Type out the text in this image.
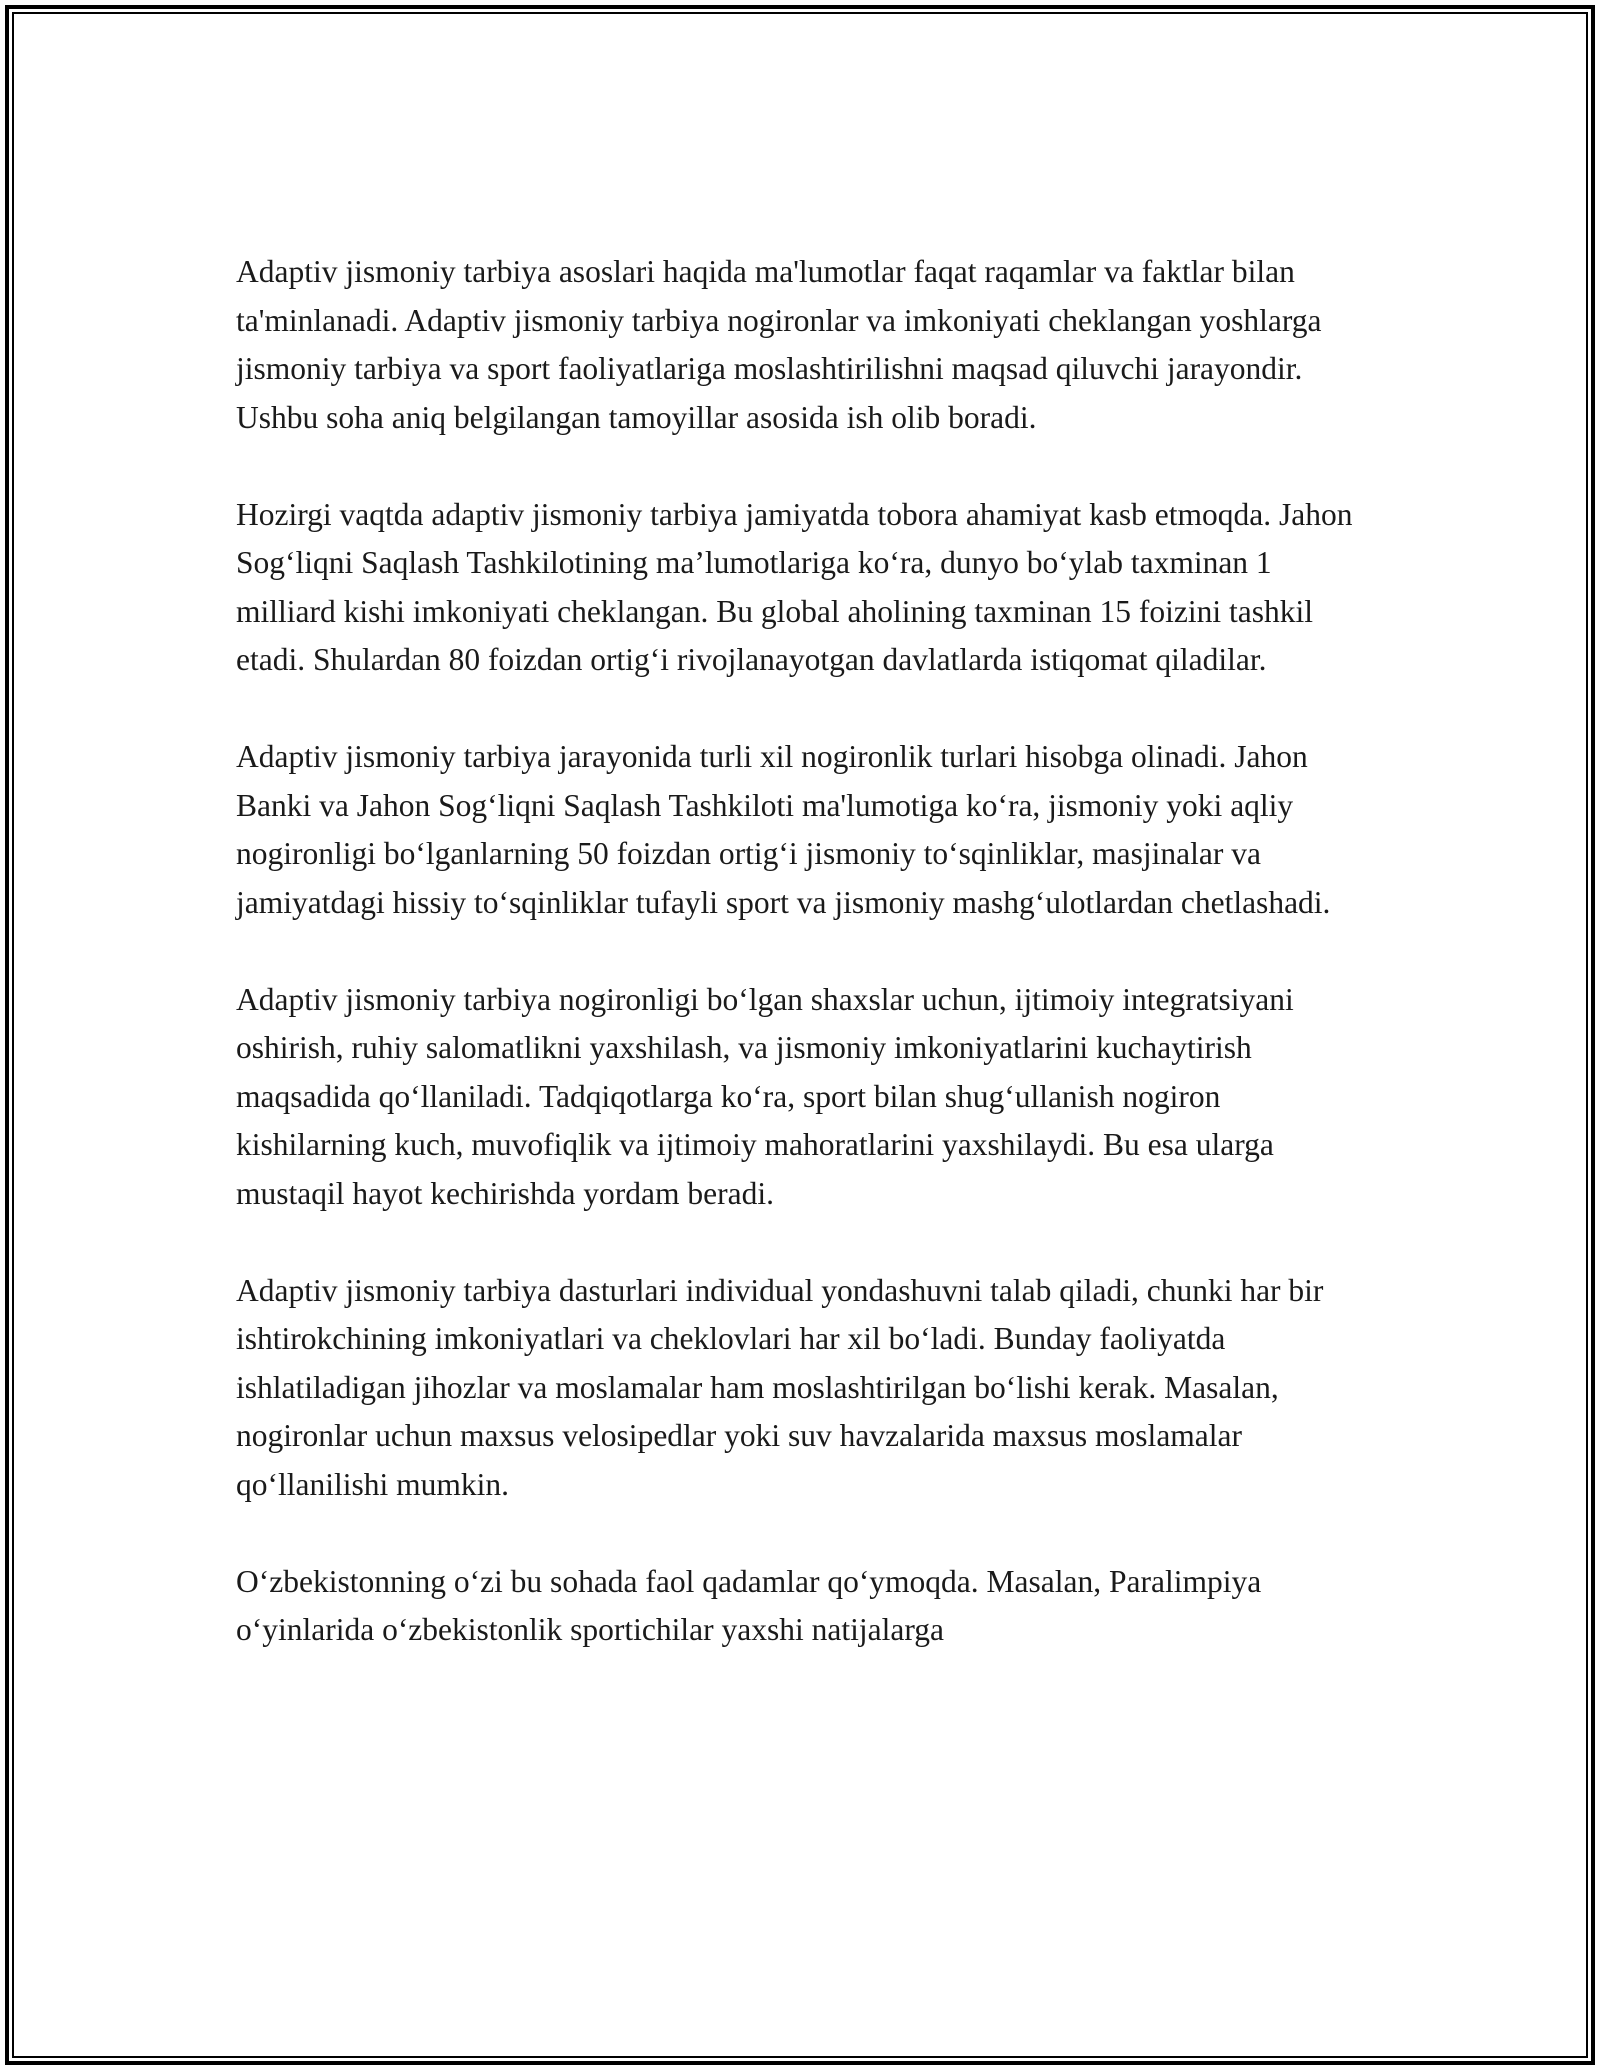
Adaptiv jismoniy tarbiya asoslari haqida ma'lumotlar faqat raqamlar va faktlar bilan ta'minlanadi. Adaptiv jismoniy tarbiya nogironlar va imkoniyati cheklangan yoshlarga jismoniy tarbiya va sport faoliyatlariga moslashtirilishni maqsad qiluvchi jarayondir. Ushbu soha aniq belgilangan tamoyillar asosida ish olib boradi.

Hozirgi vaqtda adaptiv jismoniy tarbiya jamiyatda tobora ahamiyat kasb etmoqda. Jahon Sog‘liqni Saqlash Tashkilotining ma’lumotlariga ko‘ra, dunyo bo‘ylab taxminan 1 milliard kishi imkoniyati cheklangan. Bu global aholining taxminan 15 foizini tashkil etadi. Shulardan 80 foizdan ortig‘i rivojlanayotgan davlatlarda istiqomat qiladilar.

Adaptiv jismoniy tarbiya jarayonida turli xil nogironlik turlari hisobga olinadi. Jahon Banki va Jahon Sog‘liqni Saqlash Tashkiloti ma'lumotiga ko‘ra, jismoniy yoki aqliy nogironligi bo‘lganlarning 50 foizdan ortig‘i jismoniy to‘sqinliklar, masjinalar va jamiyatdagi hissiy to‘sqinliklar tufayli sport va jismoniy mashg‘ulotlardan chetlashadi.

Adaptiv jismoniy tarbiya nogironligi bo‘lgan shaxslar uchun, ijtimoiy integratsiyani oshirish, ruhiy salomatlikni yaxshilash, va jismoniy imkoniyatlarini kuchaytirish maqsadida qo‘llaniladi. Tadqiqotlarga ko‘ra, sport bilan shug‘ullanish nogiron kishilarning kuch, muvofiqlik va ijtimoiy mahoratlarini yaxshilaydi. Bu esa ularga mustaqil hayot kechirishda yordam beradi.

Adaptiv jismoniy tarbiya dasturlari individual yondashuvni talab qiladi, chunki har bir ishtirokchining imkoniyatlari va cheklovlari har xil bo‘ladi. Bunday faoliyatda ishlatiladigan jihozlar va moslamalar ham moslashtirilgan bo‘lishi kerak. Masalan, nogironlar uchun maxsus velosipedlar yoki suv havzalarida maxsus moslamalar qo‘llanilishi mumkin.

O‘zbekistonning o‘zi bu sohada faol qadamlar qo‘ymoqda. Masalan, Paralimpiya o‘yinlarida o‘zbekistonlik sportichilar yaxshi natijalarga
